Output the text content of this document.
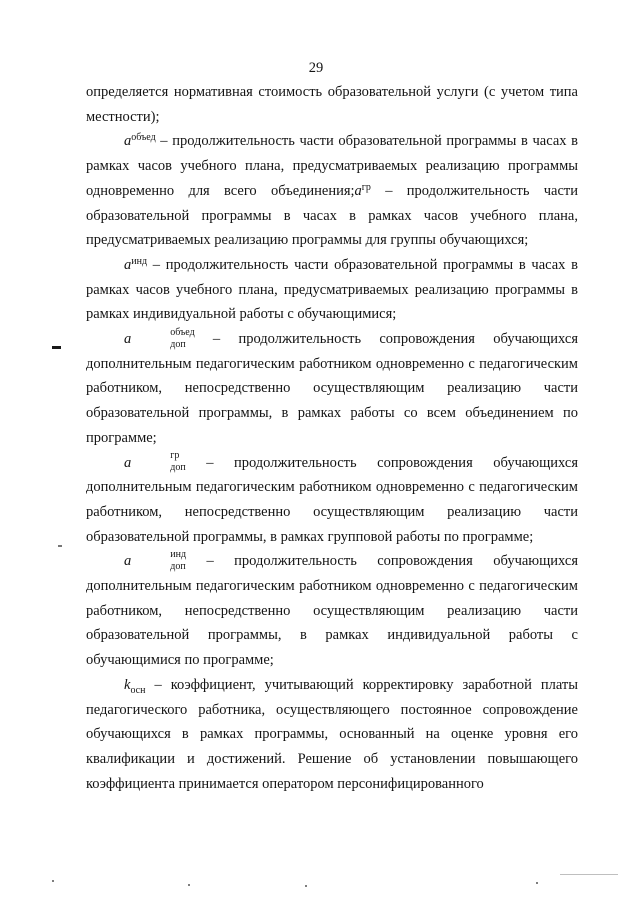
29

определяется нормативная стоимость образовательной услуги (с учетом типа местности);

$a^{объед}$ – продолжительность части образовательной программы в часах в рамках часов учебного плана, предусматриваемых реализацию программы одновременно для всего $объединения;a^{гр}$ – продолжительность части образовательной программы в часах в рамках часов учебного плана, предусматриваемых реализацию программы для группы обучающихся;

$a^{инд}$ – продолжительность части образовательной программы в часах в рамках часов учебного плана, предусматриваемых реализацию программы в рамках индивидуальной работы с обучающимися;

a	объед
доп – продолжительность сопровождения обучающихся дополнительным педагогическим работником одновременно с педагогическим работником, непосредственно осуществляющим реализацию части образовательной программы, в рамках работы со всем объединением по программе;

a	гр
доп – продолжительность сопровождения обучающихся дополнительным педагогическим работником одновременно с педагогическим работником, непосредственно осуществляющим реализацию части образовательной программы, в рамках групповой работы по программе;

a	инд
доп – продолжительность сопровождения обучающихся дополнительным педагогическим работником одновременно с педагогическим работником, непосредственно осуществляющим реализацию части образовательной программы, в рамках индивидуальной работы с обучающимися по программе;

$k_{осн}$ – коэффициент, учитывающий корректировку заработной платы педагогического работника, осуществляющего постоянное сопровождение обучающихся в рамках программы, основанный на оценке уровня его квалификации и достижений. Решение об установлении повышающего коэффициента принимается оператором персонифицированного
